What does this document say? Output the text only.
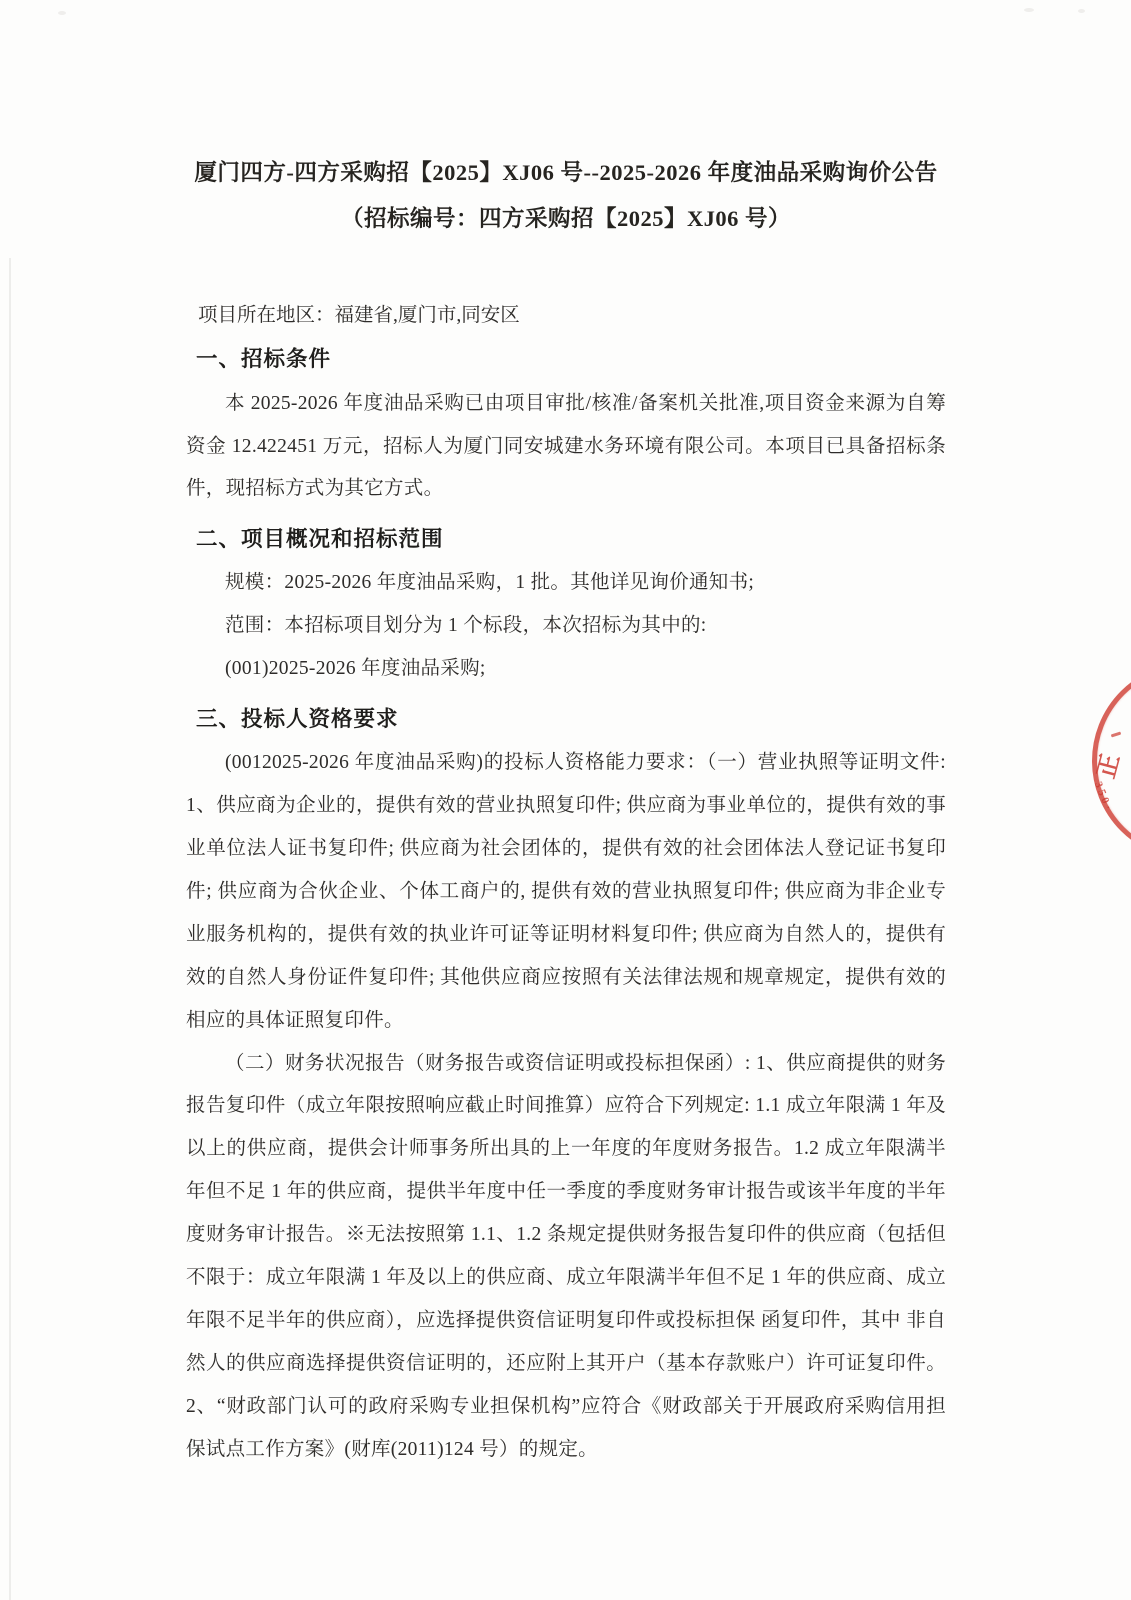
厦门四方-四方采购招【2025】XJ06 号--2025-2026 年度油品采购询价公告
（招标编号：四方采购招【2025】XJ06 号）
项目所在地区：福建省,厦门市,同安区
一、招标条件

本 2025-2026 年度油品采购已由项目审批/核准/备案机关批准,项目资金来源为自筹资金 12.422451 万元，招标人为厦门同安城建水务环境有限公司。本项目已具备招标条件，现招标方式为其它方式。

二、项目概况和招标范围
规模：2025-2026 年度油品采购，1 批。其他详见询价通知书;
范围：本招标项目划分为 1 个标段，本次招标为其中的:
(001)2025-2026 年度油品采购;
三、投标人资格要求

(0012025-2026 年度油品采购)的投标人资格能力要求：（一）营业执照等证明文件: 1、供应商为企业的，提供有效的营业执照复印件; 供应商为事业单位的，提供有效的事业单位法人证书复印件; 供应商为社会团体的，提供有效的社会团体法人登记证书复印件; 供应商为合伙企业、个体工商户的, 提供有效的营业执照复印件; 供应商为非企业专业服务机构的，提供有效的执业许可证等证明材料复印件; 供应商为自然人的，提供有效的自然人身份证件复印件; 其他供应商应按照有关法律法规和规章规定，提供有效的相应的具体证照复印件。

（二）财务状况报告（财务报告或资信证明或投标担保函）: 1、供应商提供的财务报告复印件（成立年限按照响应截止时间推算）应符合下列规定: 1.1 成立年限满 1 年及以上的供应商，提供会计师事务所出具的上一年度的年度财务报告。1.2 成立年限满半年但不足 1 年的供应商，提供半年度中任一季度的季度财务审计报告或该半年度的半年度财务审计报告。※无法按照第 1.1、1.2 条规定提供财务报告复印件的供应商（包括但不限于：成立年限满 1 年及以上的供应商、成立年限满半年但不足 1 年的供应商、成立年限不足半年的供应商），应选择提供资信证明复印件或投标担保 函复印件，其中 非自然人的供应商选择提供资信证明的，还应附上其开户（基本存款账户）许可证复印件。2、“财政部门认可的政府采购专业担保机构”应符合《财政部关于开展政府采购信用担保试点工作方案》(财库(2011)124 号）的规定。

正
350·
